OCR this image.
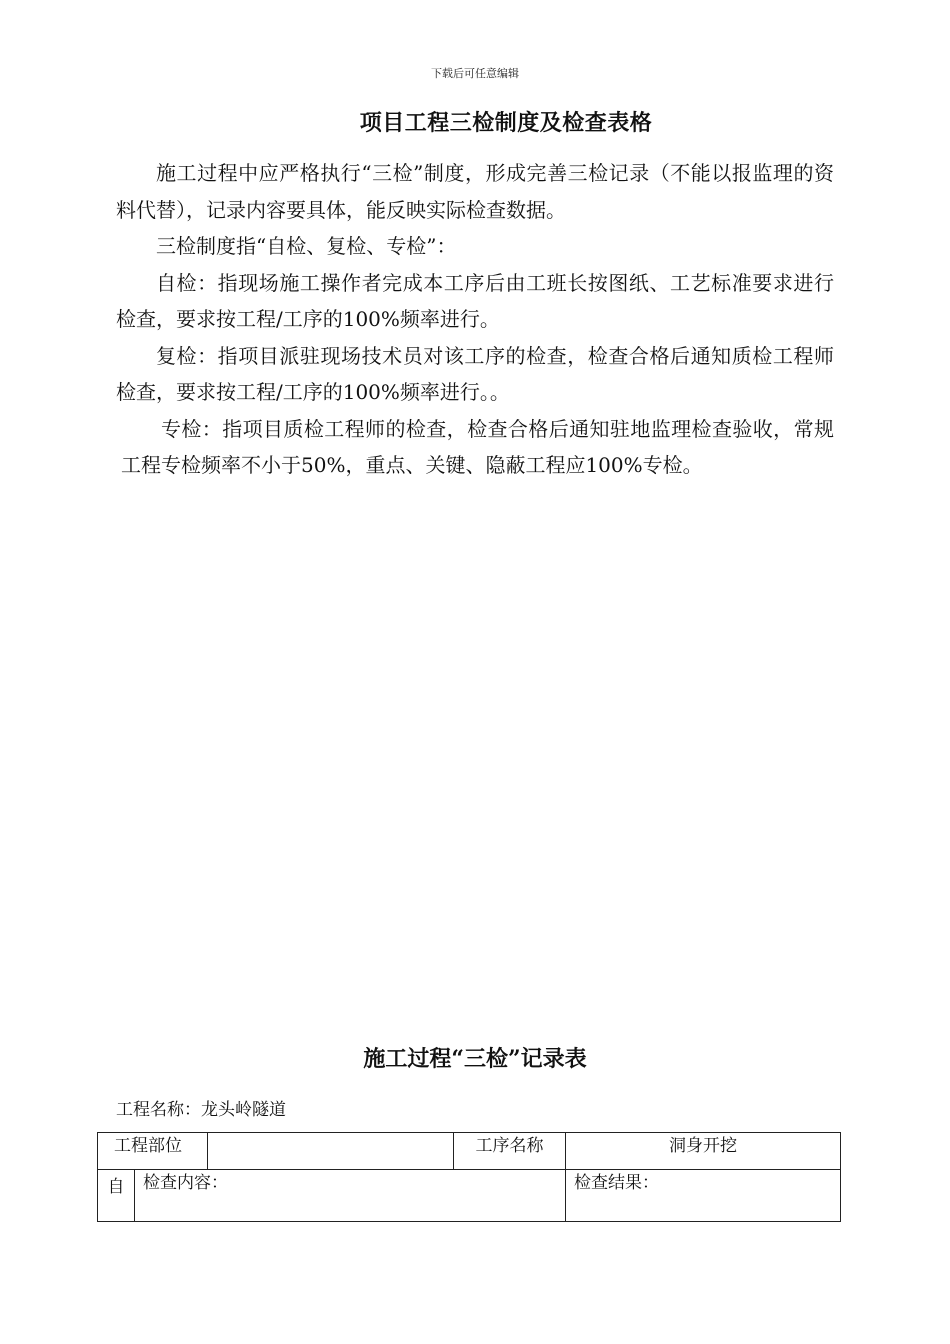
下载后可任意编辑
项目工程三检制度及检查表格

施工过程中应严格执行“三检”制度，形成完善三检记录（不能以报监理的资料代替），记录内容要具体，能反映实际检查数据。

三检制度指“自检、复检、专检”：

自检：指现场施工操作者完成本工序后由工班长按图纸、工艺标准要求进行检查，要求按工程/工序的100%频率进行。

复检：指项目派驻现场技术员对该工序的检查，检查合格后通知质检工程师检查，要求按工程/工序的100%频率进行。。

专检：指项目质检工程师的检查，检查合格后通知驻地监理检查验收，常规工程专检频率不小于50%，重点、关键、隐蔽工程应100%专检。

施工过程“三检”记录表
工程名称：龙头岭隧道
工程部位			工序名称	洞身开挖
自	检查内容：			检查结果：
